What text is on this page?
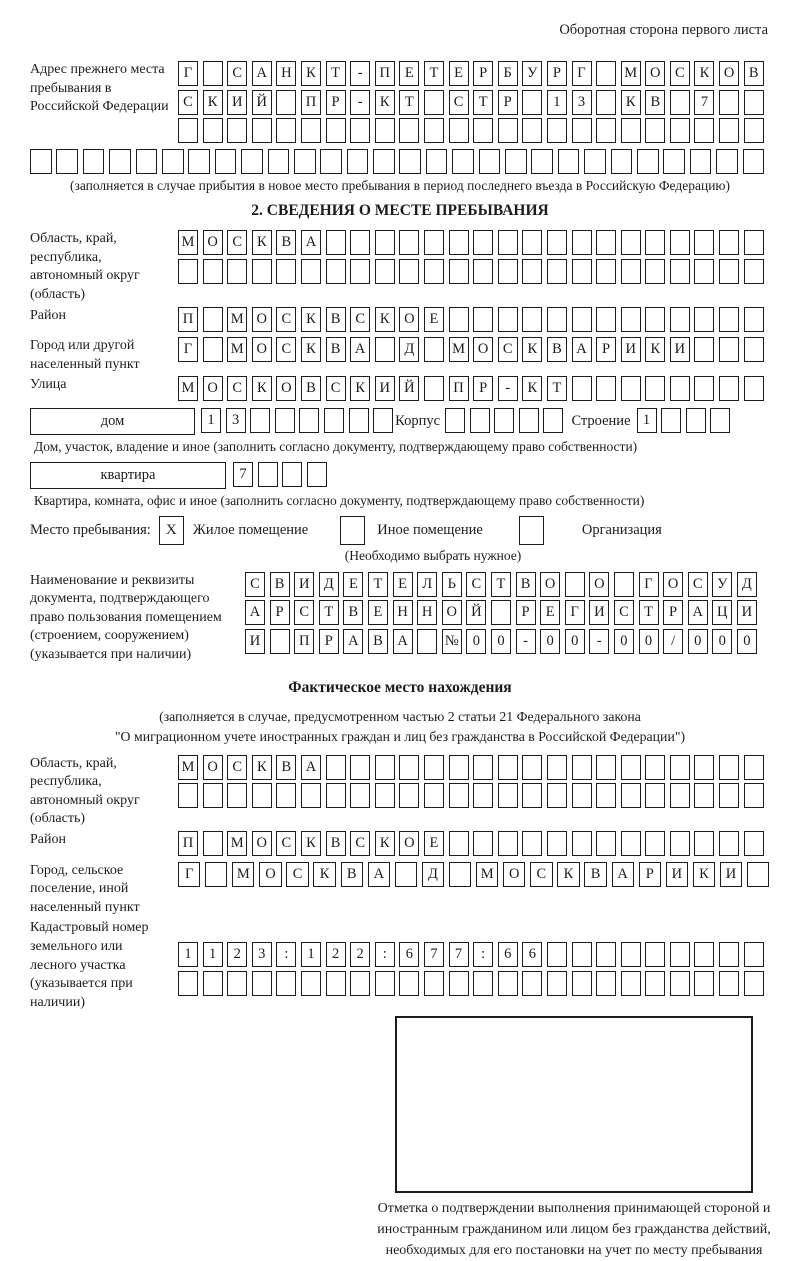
Оборотная сторона первого листа
Адрес прежнего места пребывания в Российской Федерации
Г	С	А Н	К	Т	-	П	Е	Т	Е	Р	Б	У	Р	Г	М О	С	К	О	В
С	К	И Й	П	Р	-	К	Т	С	Т	Р	1	3	К	В	7
(заполняется в случае прибытия в новое место пребывания в период последнего въезда в Российскую Федерацию)
2. СВЕДЕНИЯ О МЕСТЕ ПРЕБЫВАНИЯ
Область, край, республика, автономный округ (область)
М О	С	К	В	А
Район	П	М О	С	К	В	С	К	О	Е
Город или другой населенный пункт
Г	М О	С	К	В	А	Д	М О	С	К	В	А	Р	И	К	И
Улица	М О	С	К	О	В	С	К	И Й	П	Р	-	К	Т
дом	1	3	Корпус	Строение 1
Дом, участок, владение и иное (заполнить согласно документу, подтверждающему право собственности)
квартира	7
Квартира, комната, офис и иное (заполнить согласно документу, подтверждающему право собственности)
Место пребывания:	X	Жилое помещение	Иное помещение	Организация
(Необходимо выбрать нужное)
Наименование и реквизиты документа, подтверждающего право пользования помещением (строением, сооружением) (указывается при наличии)
С	В	И Д	Е	Т	Е	Л	Ь	С	Т	В	О	О	Г	О	С	У	Д
А	Р	С	Т	В	Е	Н Н О Й	Р	Е	Г	И	С	Т	Р	А Ц И
И	П	Р	А	В	А	№ 0	0	-	0	0	-	0	0	/	0	0	0
Фактическое место нахождения
(заполняется в случае, предусмотренном частью 2 статьи 21 Федерального закона
"О миграционном учете иностранных граждан и лиц без гражданства в Российской Федерации")
Область, край, республика, автономный округ (область)
М О	С	К	В	А
Район	П	М О	С	К	В	С	К	О	Е
Город, сельское поселение, иной населенный пункт
Г	М	О	С	К	В	А	Д	М	О	С	К	В	А	Р	И	К	И
Кадастровый номер земельного или лесного участка (указывается при наличии)
1	1	2	3	:	1	2	2	:	6	7	7	:	6	6
Отметка о подтверждении выполнения принимающей стороной и иностранным гражданином или лицом без гражданства действий, необходимых для его постановки на учет по месту пребывания
